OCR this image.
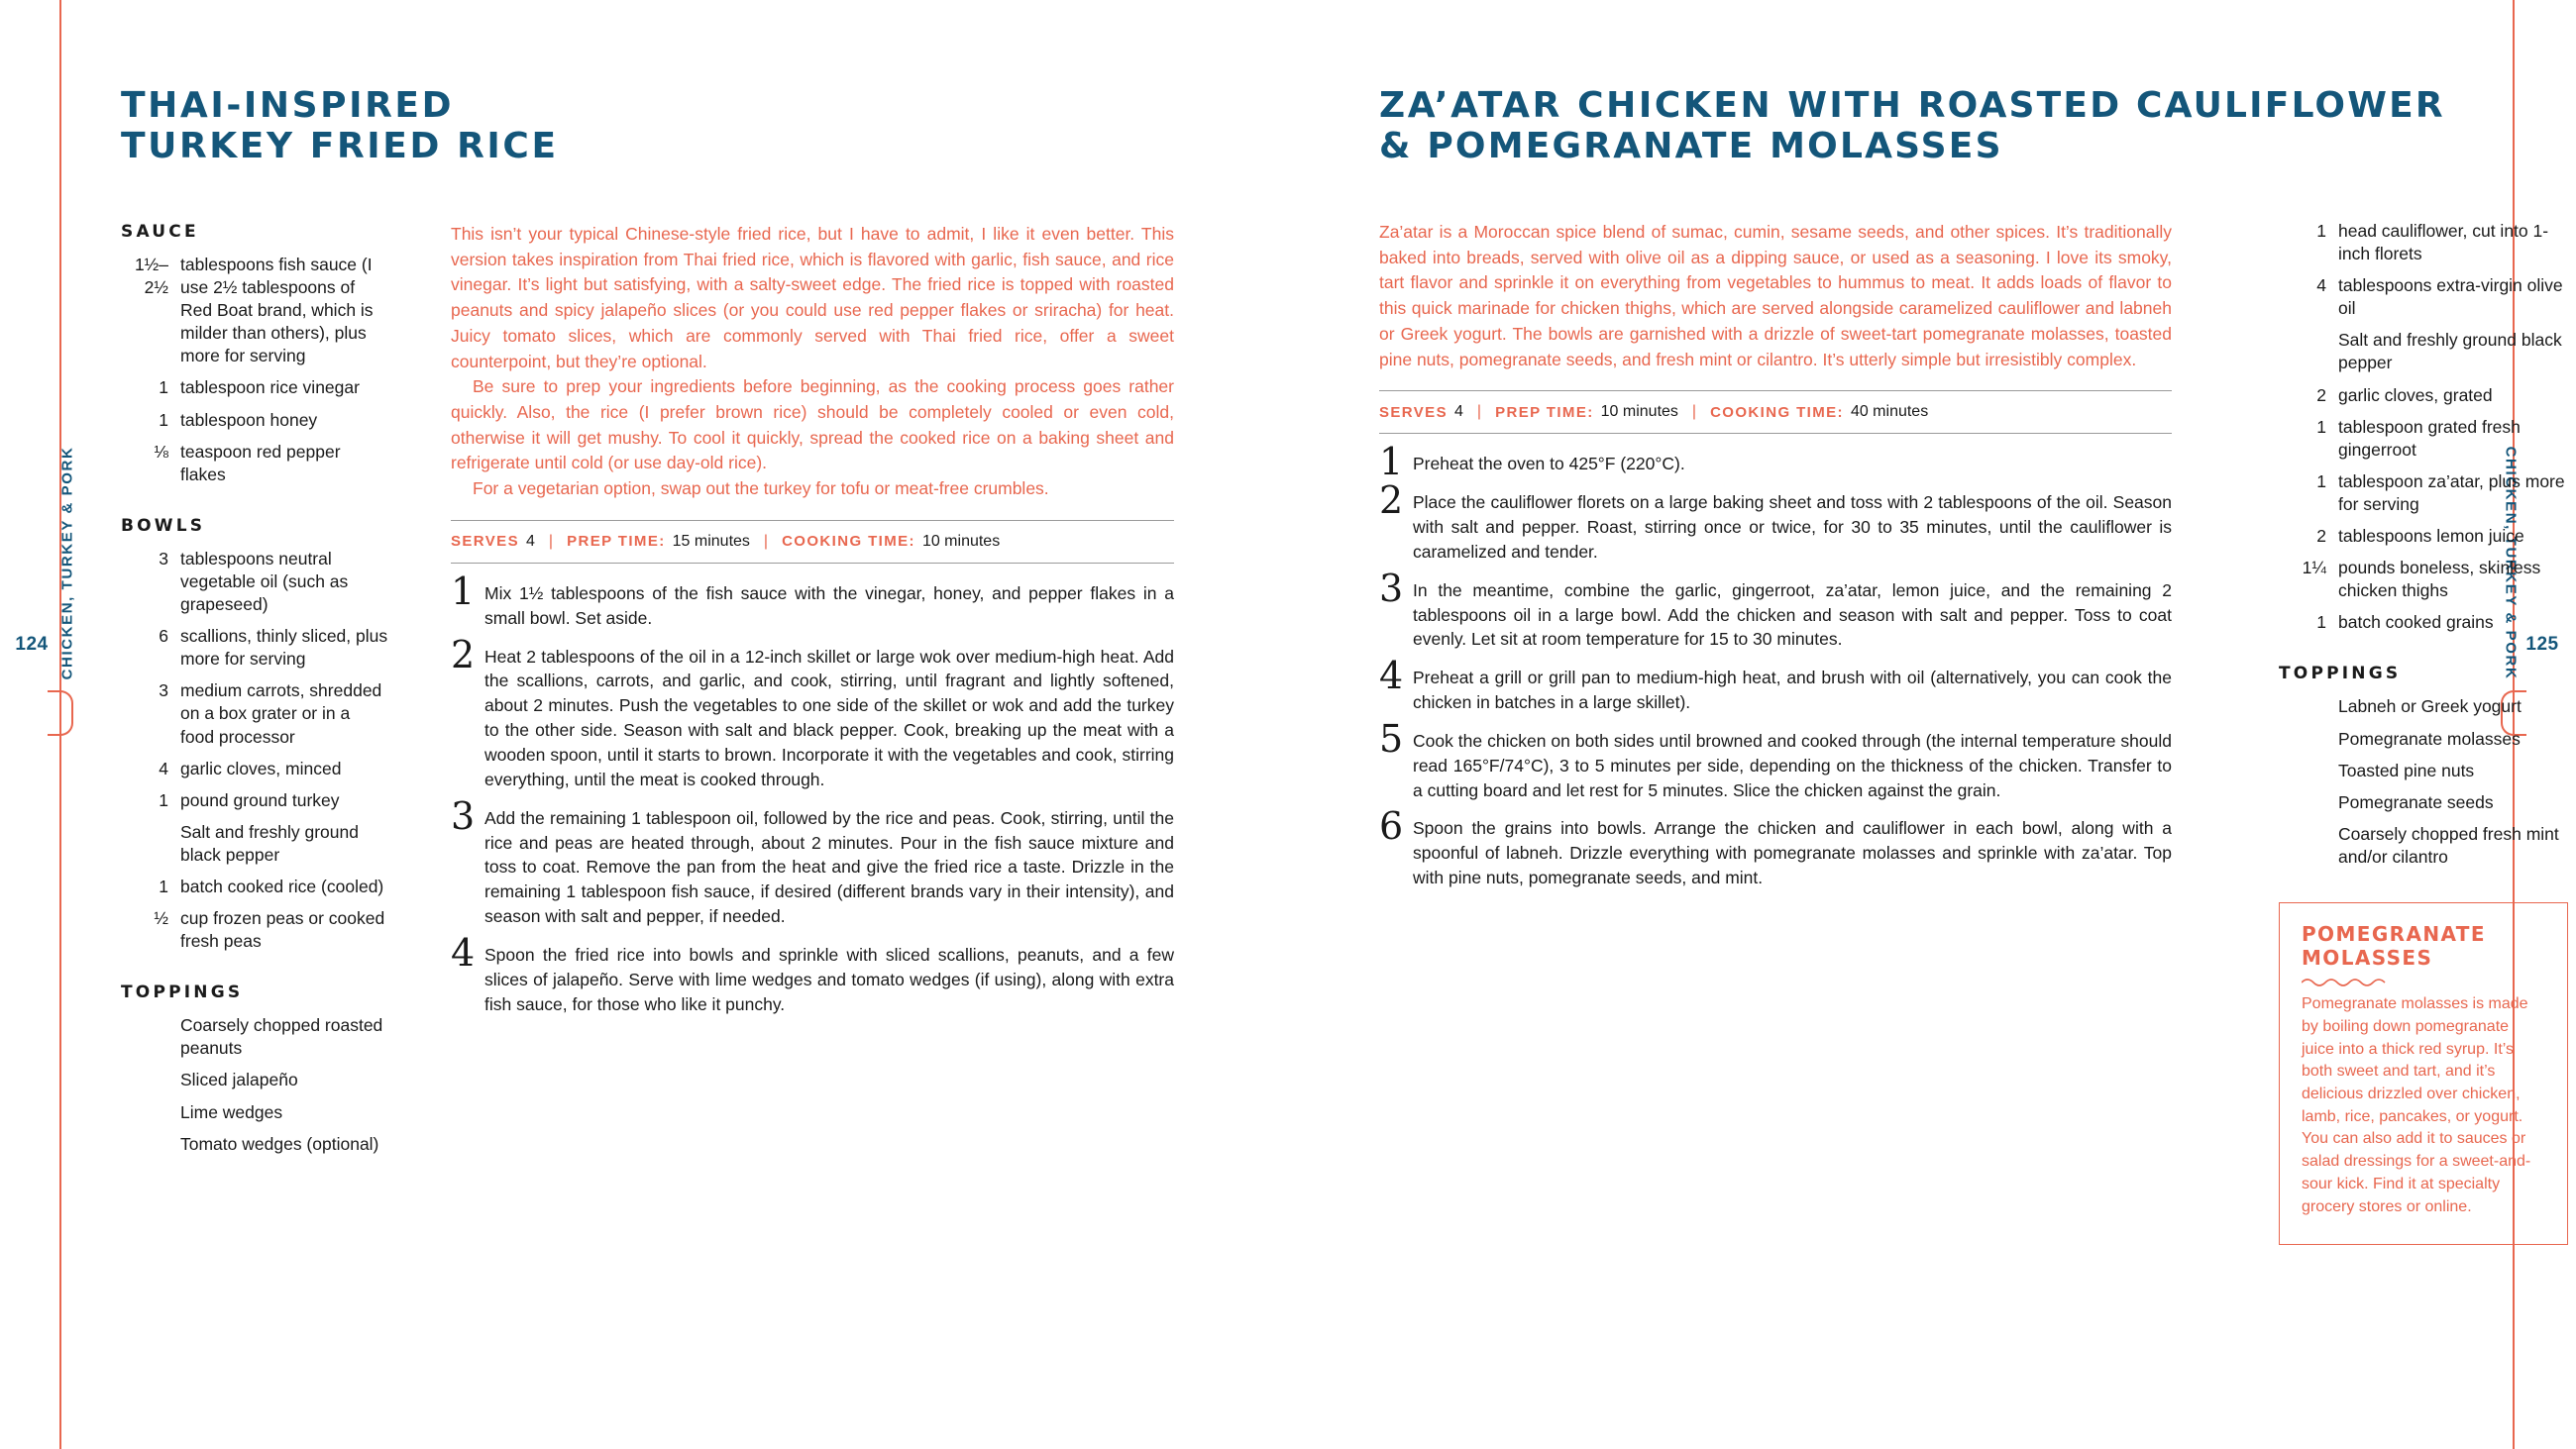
124 CHICKEN, TURKEY & PORK
THAI-INSPIRED
TURKEY FRIED RICE
SAUCE
1½–2½
tablespoons fish sauce (I use 2½ tablespoons of Red Boat brand, which is milder than others), plus more for serving
1 tablespoon rice vinegar
1 tablespoon honey
⅛ teaspoon red pepper flakes
BOWLS
3 tablespoons neutral vegetable oil (such as grapeseed)
6 scallions, thinly sliced, plus more for serving
3 medium carrots, shredded on a box grater or in a food processor
4 garlic cloves, minced
1 pound ground turkey
Salt and freshly ground black pepper
1 batch cooked rice (cooled)
½ cup frozen peas or cooked fresh peas
TOPPINGS
Coarsely chopped roasted peanuts
Sliced jalapeño
Lime wedges
Tomato wedges (optional)

This isn’t your typical Chinese-style fried rice, but I have to admit, I like it even better. This version takes inspiration from Thai fried rice, which is flavored with garlic, fish sauce, and rice vinegar. It’s light but satisfying, with a salty-sweet edge. The fried rice is topped with roasted peanuts and spicy jalapeño slices (or you could use red pepper flakes or sriracha) for heat. Juicy tomato slices, which are commonly served with Thai fried rice, offer a sweet counterpoint, but they’re optional.

Be sure to prep your ingredients before beginning, as the cooking process goes rather quickly. Also, the rice (I prefer brown rice) should be completely cooled or even cold, otherwise it will get mushy. To cool it quickly, spread the cooked rice on a baking sheet and refrigerate until cold (or use day-old rice).

For a vegetarian option, swap out the turkey for tofu or meat-free crumbles.

SERVES 4 | PREP TIME: 15 minutes | COOKING TIME: 10 minutes
1 Mix 1½ tablespoons of the fish sauce with the vinegar, honey, and pepper flakes in a small bowl. Set aside.
2 Heat 2 tablespoons of the oil in a 12-inch skillet or large wok over medium-high heat. Add the scallions, carrots, and garlic, and cook, stirring, until fragrant and lightly softened, about 2 minutes. Push the vegetables to one side of the skillet or wok and add the turkey to the other side. Season with salt and black pepper. Cook, breaking up the meat with a wooden spoon, until it starts to brown. Incorporate it with the vegetables and cook, stirring everything, until the meat is cooked through.
3 Add the remaining 1 tablespoon oil, followed by the rice and peas. Cook, stirring, until the rice and peas are heated through, about 2 minutes. Pour in the fish sauce mixture and toss to coat. Remove the pan from the heat and give the fried rice a taste. Drizzle in the remaining 1 tablespoon fish sauce, if desired (different brands vary in their intensity), and season with salt and pepper, if needed.
4 Spoon the fried rice into bowls and sprinkle with sliced scallions, peanuts, and a few slices of jalapeño. Serve with lime wedges and tomato wedges (if using), along with extra fish sauce, for those who like it punchy.
125
CHICKEN, TURKEY & PORK
ZA’ATAR CHICKEN WITH ROASTED CAULIFLOWER
& POMEGRANATE MOLASSES

Za’atar is a Moroccan spice blend of sumac, cumin, sesame seeds, and other spices. It’s traditionally baked into breads, served with olive oil as a dipping sauce, or used as a seasoning. I love its smoky, tart flavor and sprinkle it on everything from vegetables to hummus to meat. It adds loads of flavor to this quick marinade for chicken thighs, which are served alongside caramelized cauliflower and labneh or Greek yogurt. The bowls are garnished with a drizzle of sweet-tart pomegranate molasses, toasted pine nuts, pomegranate seeds, and fresh mint or cilantro. It’s utterly simple but irresistibly complex.

SERVES 4 | PREP TIME: 10 minutes | COOKING TIME: 40 minutes
1 Preheat the oven to 425°F (220°C).
2 Place the cauliflower florets on a large baking sheet and toss with 2 tablespoons of the oil. Season with salt and pepper. Roast, stirring once or twice, for 30 to 35 minutes, until the cauliflower is caramelized and tender.
3 In the meantime, combine the garlic, gingerroot, za’atar, lemon juice, and the remaining 2 tablespoons oil in a large bowl. Add the chicken and season with salt and pepper. Toss to coat evenly. Let sit at room temperature for 15 to 30 minutes.
4 Preheat a grill or grill pan to medium-high heat, and brush with oil (alternatively, you can cook the chicken in batches in a large skillet).
5 Cook the chicken on both sides until browned and cooked through (the internal temperature should read 165°F/74°C), 3 to 5 minutes per side, depending on the thickness of the chicken. Transfer to a cutting board and let rest for 5 minutes. Slice the chicken against the grain.
6 Spoon the grains into bowls. Arrange the chicken and cauliflower in each bowl, along with a spoonful of labneh. Drizzle everything with pomegranate molasses and sprinkle with za’atar. Top with pine nuts, pomegranate seeds, and mint.
1 head cauliflower, cut into 1-inch florets
4 tablespoons extra-virgin olive oil
Salt and freshly ground black pepper
2 garlic cloves, grated
1 tablespoon grated fresh gingerroot
1 tablespoon za’atar, plus more for serving
2 tablespoons lemon juice
1¼ pounds boneless, skinless chicken thighs
1 batch cooked grains
TOPPINGS
Labneh or Greek yogurt
Pomegranate molasses
Toasted pine nuts
Pomegranate seeds
Coarsely chopped fresh mint and/or cilantro
POMEGRANATE
MOLASSES

Pomegranate molasses is made by boiling down pomegranate juice into a thick red syrup. It’s both sweet and tart, and it’s delicious drizzled over chicken, lamb, rice, pancakes, or yogurt. You can also add it to sauces or salad dressings for a sweet-and-sour kick. Find it at specialty grocery stores or online.
